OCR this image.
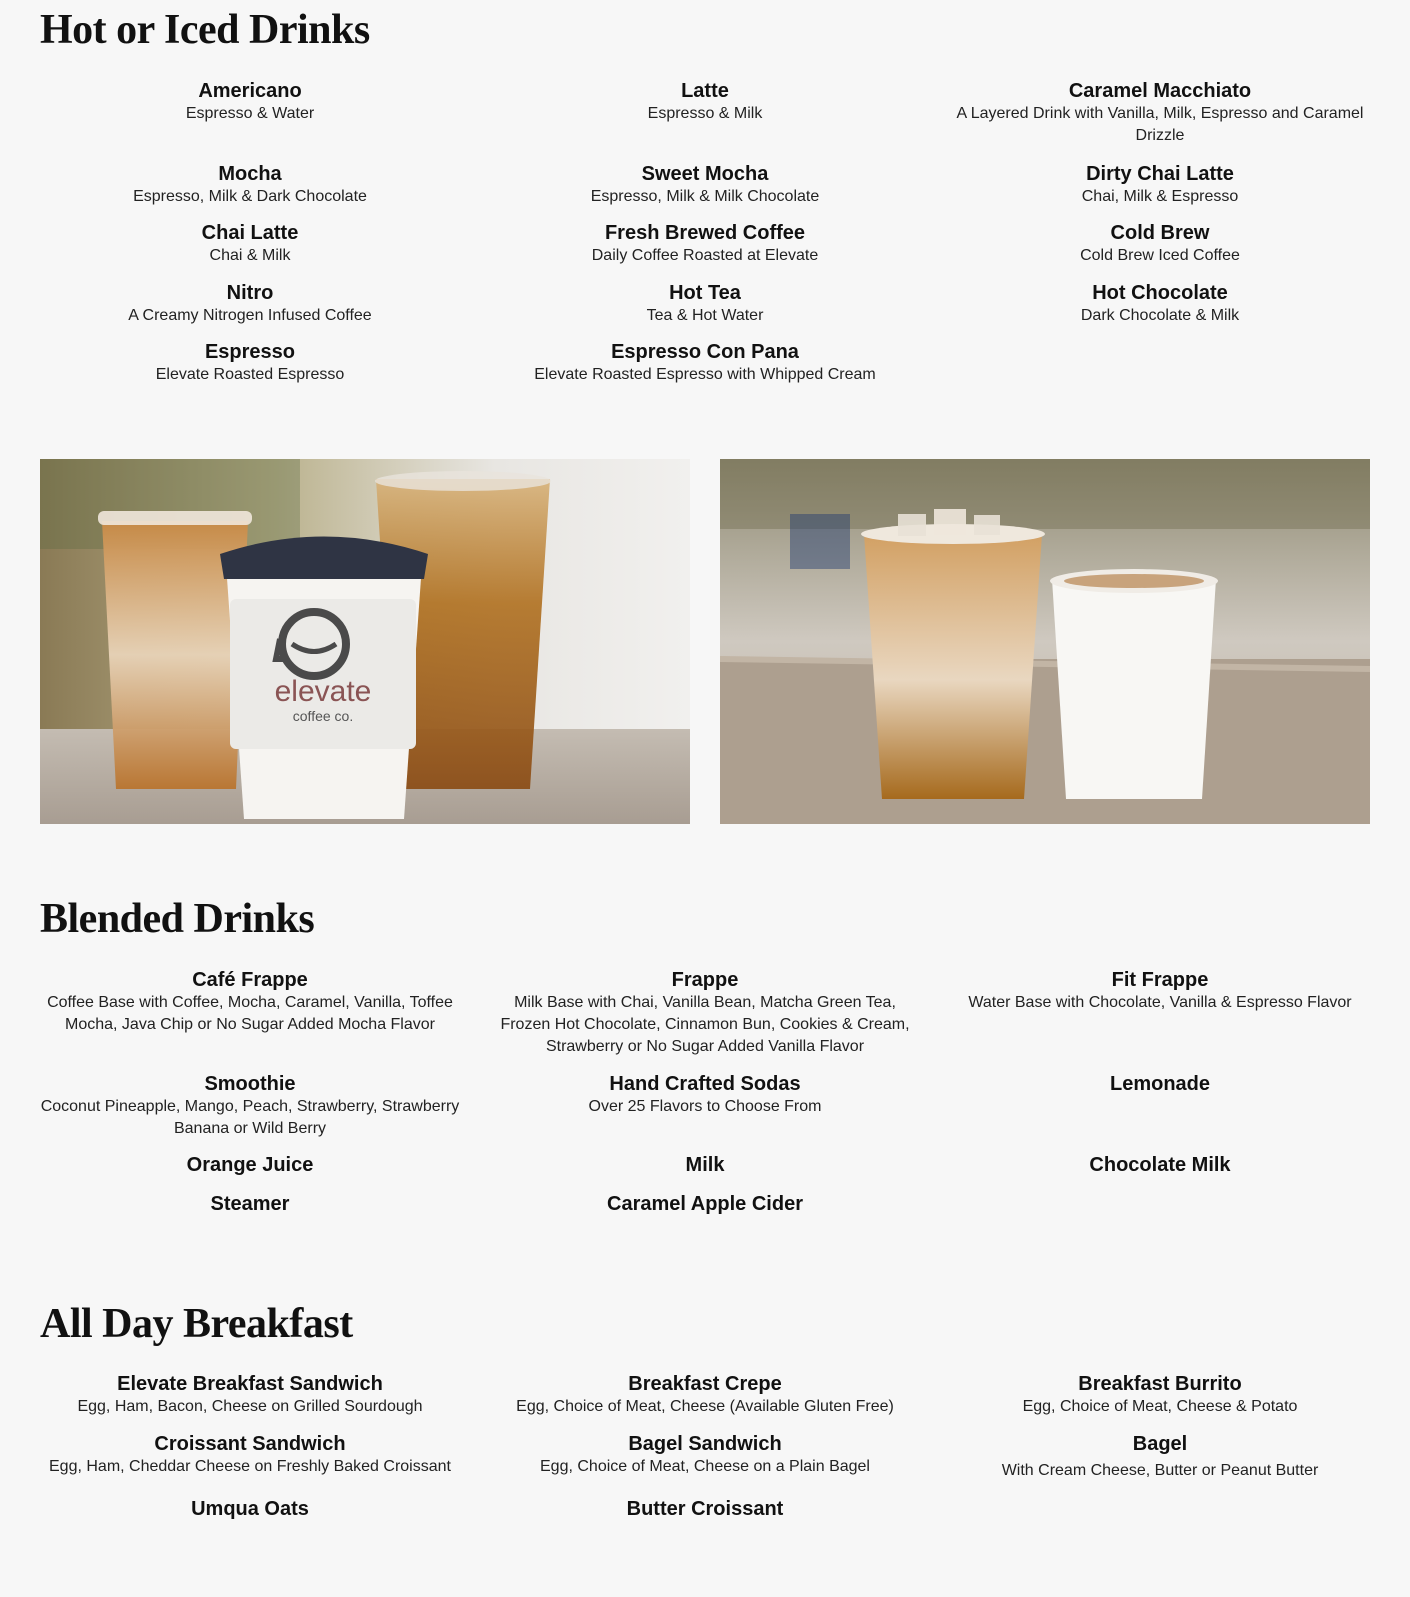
Hot or Iced Drinks
Americano
Espresso & Water
Latte
Espresso & Milk
Caramel Macchiato
A Layered Drink with Vanilla, Milk, Espresso and Caramel Drizzle
Mocha
Espresso, Milk & Dark Chocolate
Sweet Mocha
Espresso, Milk & Milk Chocolate
Dirty Chai Latte
Chai, Milk & Espresso
Chai Latte
Chai & Milk
Fresh Brewed Coffee
Daily Coffee Roasted at Elevate
Cold Brew
Cold Brew Iced Coffee
Nitro
A Creamy Nitrogen Infused Coffee
Hot Tea
Tea & Hot Water
Hot Chocolate
Dark Chocolate & Milk
Espresso
Elevate Roasted Espresso
Espresso Con Pana
Elevate Roasted Espresso with Whipped Cream
elevate
coffee co.
Blended Drinks
Café Frappe
Coffee Base with Coffee, Mocha, Caramel, Vanilla, Toffee Mocha, Java Chip or No Sugar Added Mocha Flavor
Frappe
Milk Base with Chai, Vanilla Bean, Matcha Green Tea, Frozen Hot Chocolate, Cinnamon Bun, Cookies & Cream, Strawberry or No Sugar Added Vanilla Flavor
Fit Frappe
Water Base with Chocolate, Vanilla & Espresso Flavor
Smoothie
Coconut Pineapple, Mango, Peach, Strawberry, Strawberry Banana or Wild Berry
Hand Crafted Sodas
Over 25 Flavors to Choose From
Lemonade
Orange Juice	Milk	Chocolate Milk
Steamer	Caramel Apple Cider
All Day Breakfast
Elevate Breakfast Sandwich
Egg, Ham, Bacon, Cheese on Grilled Sourdough
Breakfast Crepe
Egg, Choice of Meat, Cheese (Available Gluten Free)
Breakfast Burrito
Egg, Choice of Meat, Cheese & Potato
Croissant Sandwich
Egg, Ham, Cheddar Cheese on Freshly Baked Croissant
Bagel Sandwich
Egg, Choice of Meat, Cheese on a Plain Bagel
Bagel
With Cream Cheese, Butter or Peanut Butter
Umqua Oats	Butter Croissant
